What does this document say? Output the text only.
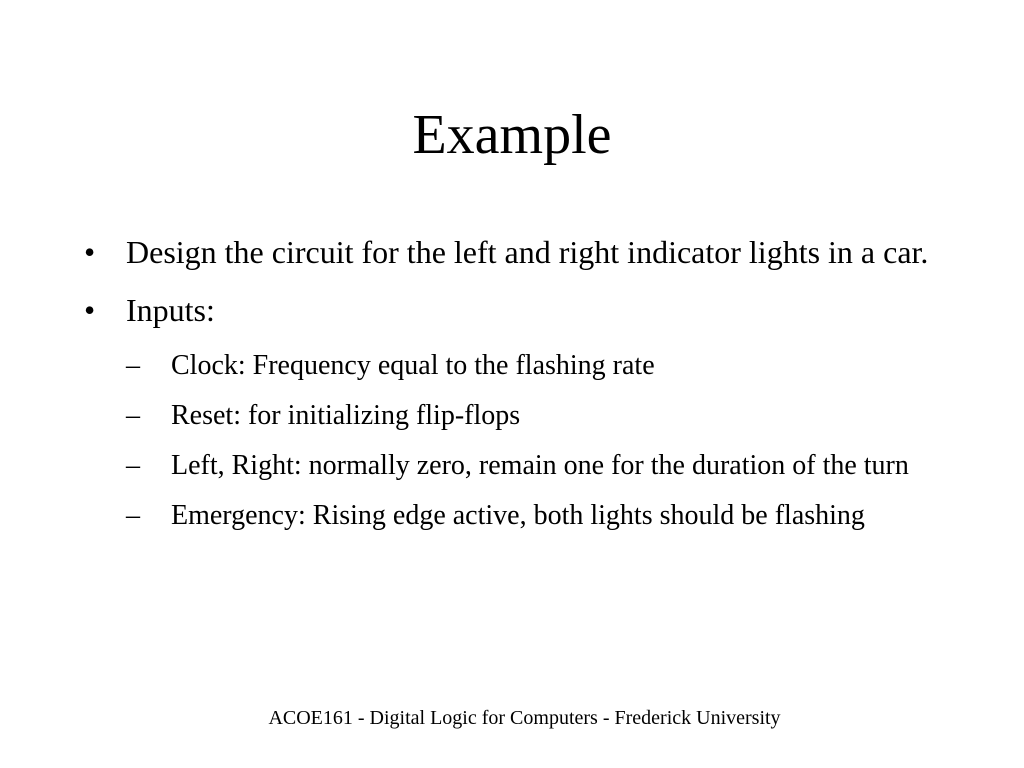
Example
• Design the circuit for the left and right indicator lights in a car.
• Inputs:
–	Clock: Frequency equal to the flashing rate
–	Reset: for initializing flip-flops
–	Left, Right: normally zero, remain one for the duration of the turn
–	Emergency: Rising edge active, both lights should be flashing
ACOE161 - Digital Logic for Computers - Frederick University
